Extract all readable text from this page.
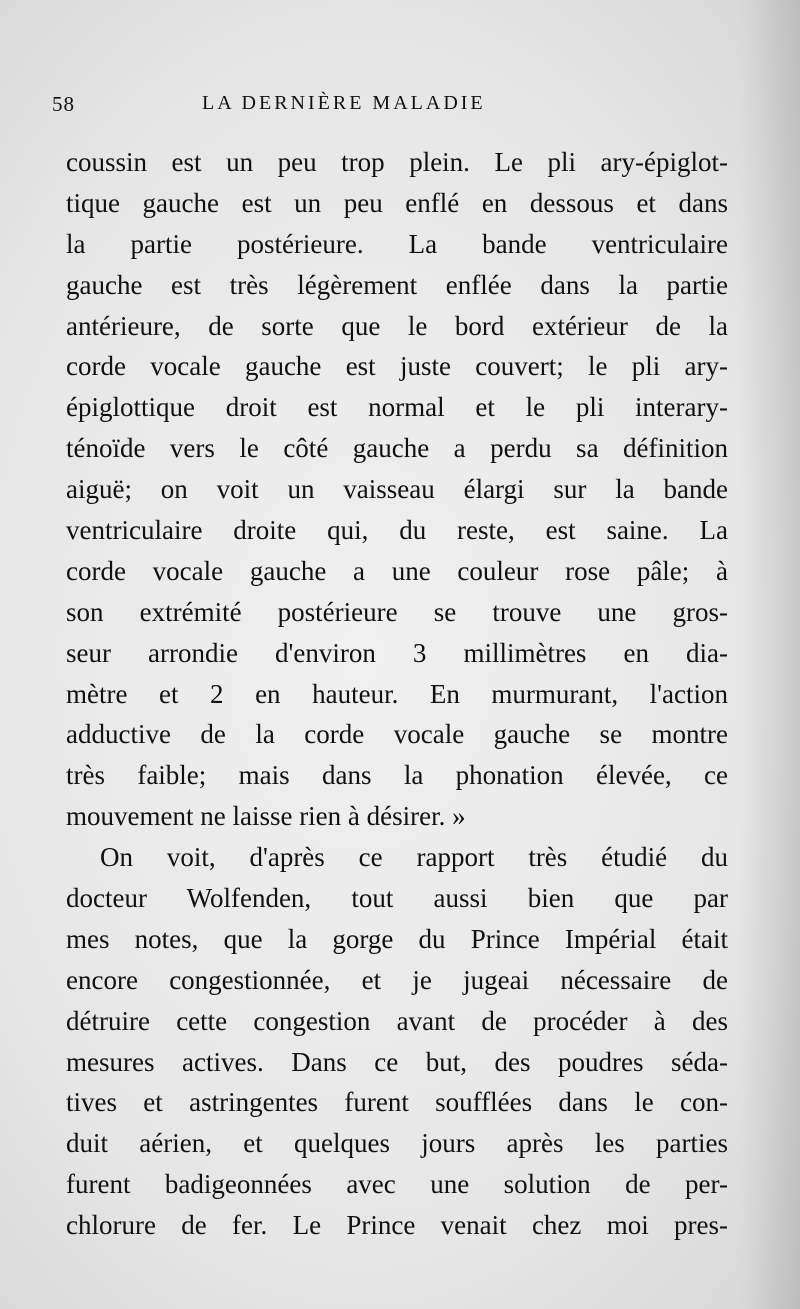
58	LA DERNIÈRE MALADIE
coussin est un peu trop plein. Le pli ary-épiglot-
tique gauche est un peu enflé en dessous et dans
la partie postérieure. La bande ventriculaire
gauche est très légèrement enflée dans la partie
antérieure, de sorte que le bord extérieur de la
corde vocale gauche est juste couvert; le pli ary-
épiglottique droit est normal et le pli interary-
ténoïde vers le côté gauche a perdu sa définition
aiguë; on voit un vaisseau élargi sur la bande
ventriculaire droite qui, du reste, est saine. La
corde vocale gauche a une couleur rose pâle; à
son extrémité postérieure se trouve une gros-
seur arrondie d'environ 3 millimètres en dia-
mètre et 2 en hauteur. En murmurant, l'action
adductive de la corde vocale gauche se montre
très faible; mais dans la phonation élevée, ce
mouvement ne laisse rien à désirer. »
On voit, d'après ce rapport très étudié du
docteur Wolfenden, tout aussi bien que par
mes notes, que la gorge du Prince Impérial était
encore congestionnée, et je jugeai nécessaire de
détruire cette congestion avant de procéder à des
mesures actives. Dans ce but, des poudres séda-
tives et astringentes furent soufflées dans le con-
duit aérien, et quelques jours après les parties
furent badigeonnées avec une solution de per-
chlorure de fer. Le Prince venait chez moi pres-
